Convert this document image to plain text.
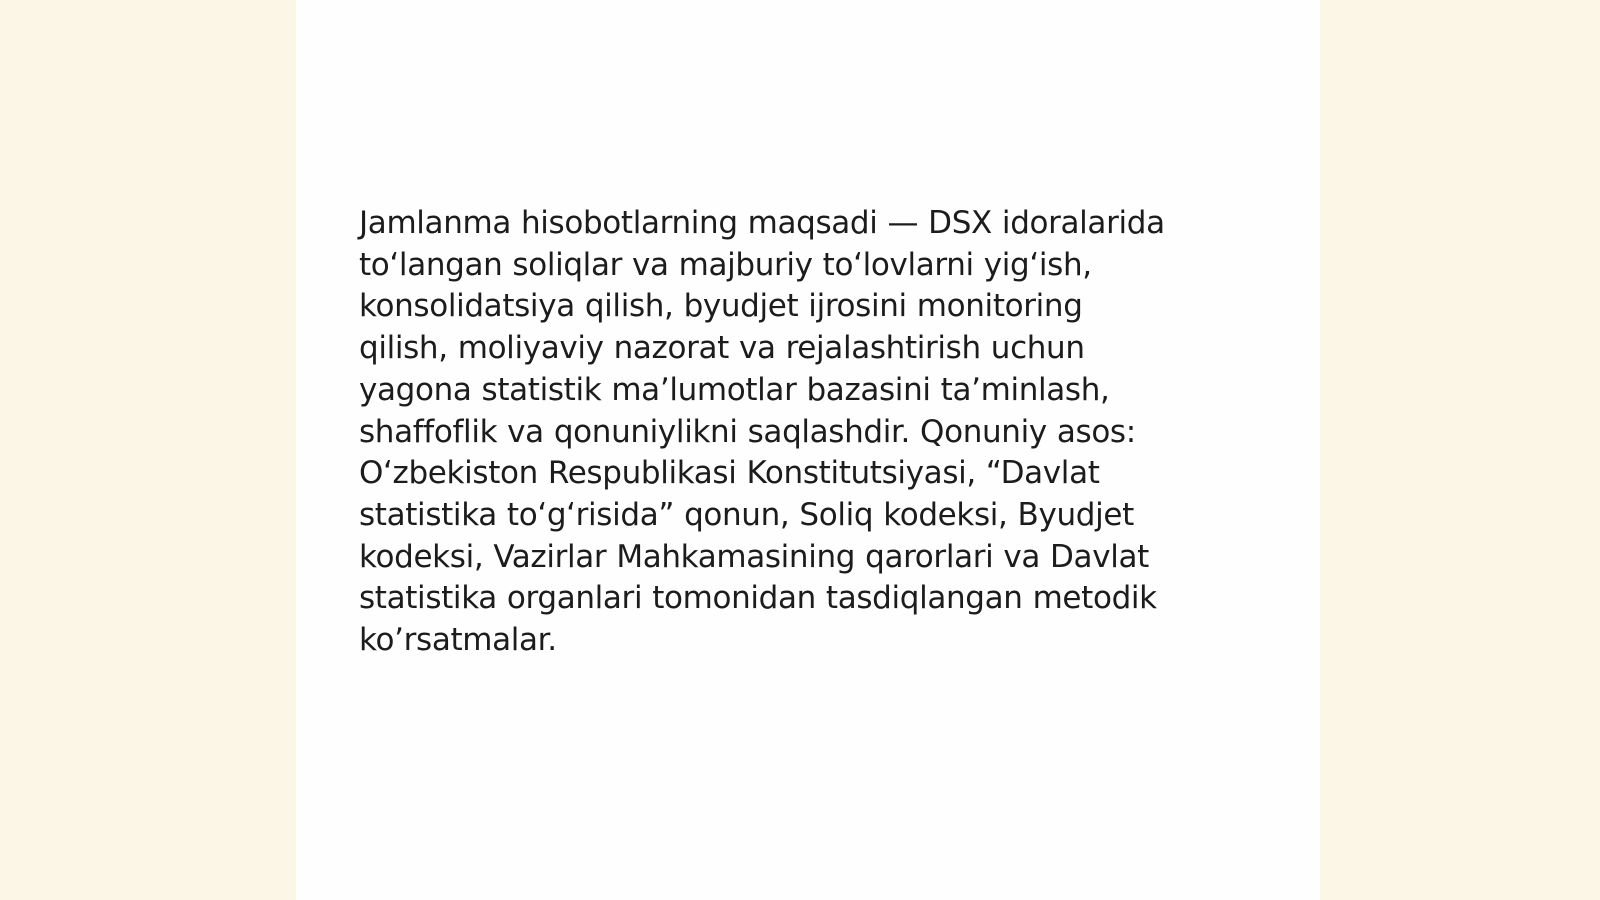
Jamlanma hisobotlarning maqsadi — DSX idoralarida
to‘langan soliqlar va majburiy to‘lovlarni yig‘ish,
konsolidatsiya qilish, byudjet ijrosini monitoring
qilish, moliyaviy nazorat va rejalashtirish uchun
yagona statistik ma’lumotlar bazasini ta’minlash,
shaffoflik va qonuniylikni saqlashdir. Qonuniy asos:
O‘zbekiston Respublikasi Konstitutsiyasi, “Davlat
statistika to‘g‘risida” qonun, Soliq kodeksi, Byudjet
kodeksi, Vazirlar Mahkamasining qarorlari va Davlat
statistika organlari tomonidan tasdiqlangan metodik
ko’rsatmalar.
